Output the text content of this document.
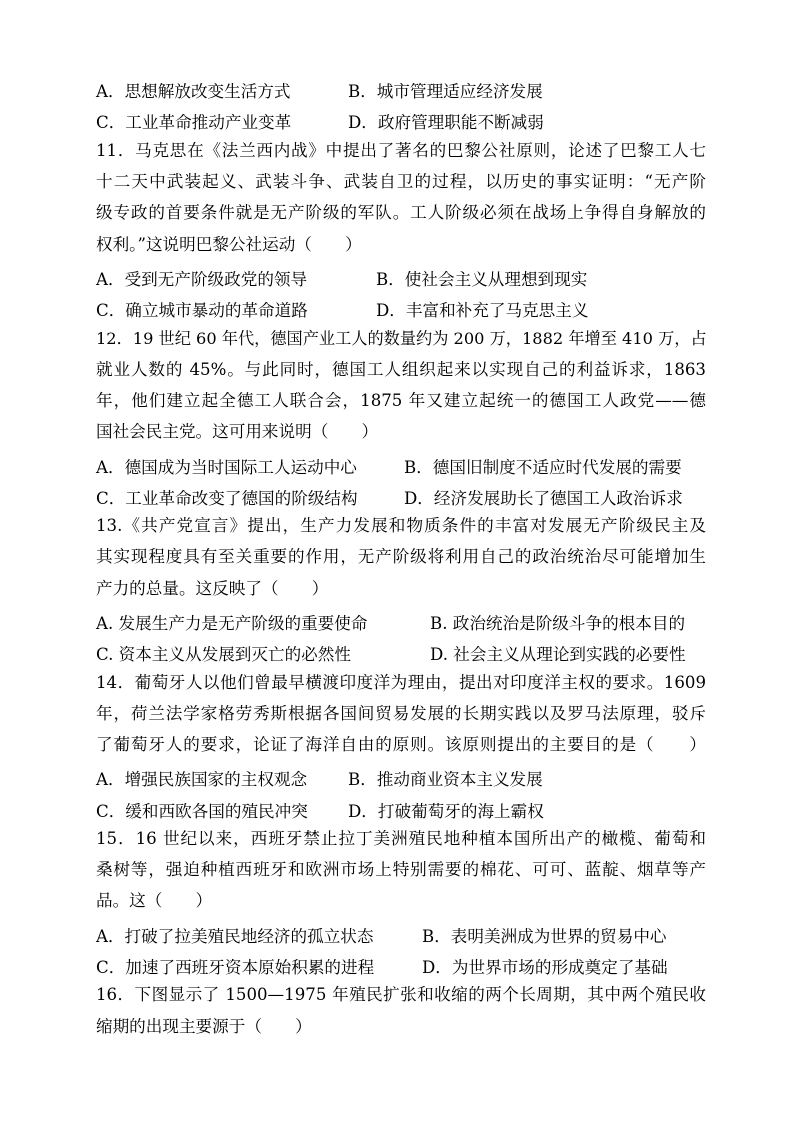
A．思想解放改变生活方式	B．城市管理适应经济发展
C．工业革命推动产业变革	D．政府管理职能不断减弱
11．马克思在《法兰西内战》中提出了著名的巴黎公社原则，论述了巴黎工人七
十二天中武装起义、武装斗争、武装自卫的过程，以历史的事实证明：“无产阶
级专政的首要条件就是无产阶级的军队。工人阶级必须在战场上争得自身解放的
权利。”这说明巴黎公社运动（　　）
A．受到无产阶级政党的领导	B．使社会主义从理想到现实
C．确立城市暴动的革命道路	D．丰富和补充了马克思主义
12．19 世纪 60 年代，德国产业工人的数量约为 200 万，1882 年增至 410 万，占
就业人数的 45%。与此同时，德国工人组织起来以实现自己的利益诉求，1863
年，他们建立起全德工人联合会，1875 年又建立起统一的德国工人政党——德
国社会民主党。这可用来说明（　　）
A．德国成为当时国际工人运动中心	B．德国旧制度不适应时代发展的需要
C．工业革命改变了德国的阶级结构	D．经济发展助长了德国工人政治诉求
13.《共产党宣言》提出，生产力发展和物质条件的丰富对发展无产阶级民主及
其实现程度具有至关重要的作用，无产阶级将利用自己的政治统治尽可能增加生
产力的总量。这反映了（　　）
A. 发展生产力是无产阶级的重要使命	B. 政治统治是阶级斗争的根本目的
C. 资本主义从发展到灭亡的必然性	D. 社会主义从理论到实践的必要性
14．葡萄牙人以他们曾最早横渡印度洋为理由，提出对印度洋主权的要求。1609
年，荷兰法学家格劳秀斯根据各国间贸易发展的长期实践以及罗马法原理，驳斥
了葡萄牙人的要求，论证了海洋自由的原则。该原则提出的主要目的是（　　）
A．增强民族国家的主权观念 B．推动商业资本主义发展
C．缓和西欧各国的殖民冲突 D．打破葡萄牙的海上霸权
15．16 世纪以来，西班牙禁止拉丁美洲殖民地种植本国所出产的橄榄、葡萄和
桑树等，强迫种植西班牙和欧洲市场上特别需要的棉花、可可、蓝靛、烟草等产
品。这（　　）
A．打破了拉美殖民地经济的孤立状态	B．表明美洲成为世界的贸易中心
C．加速了西班牙资本原始积累的进程	D．为世界市场的形成奠定了基础
16．下图显示了 1500—1975 年殖民扩张和收缩的两个长周期，其中两个殖民收
缩期的出现主要源于（　　）
